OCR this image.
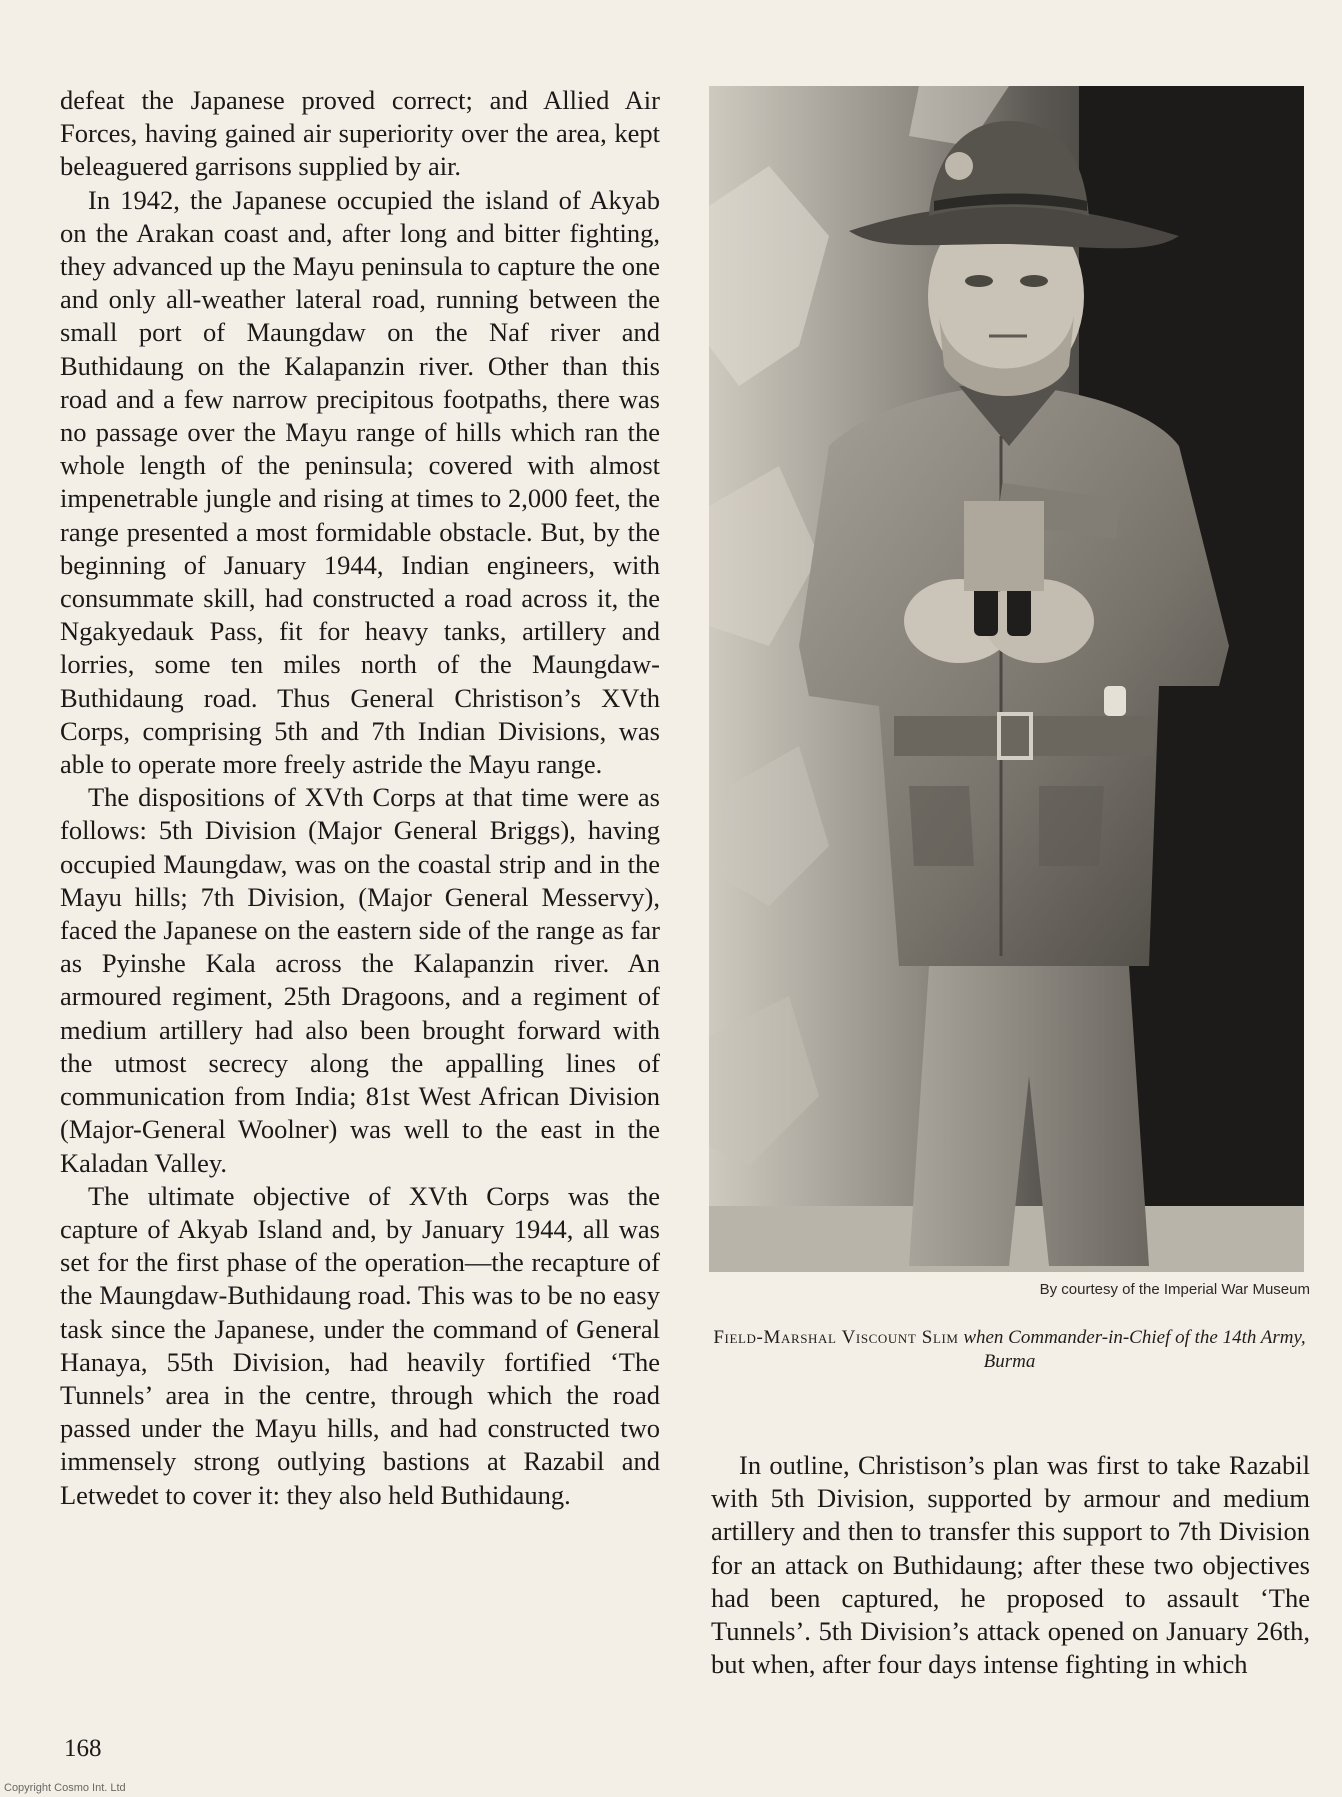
defeat the Japanese proved correct; and Allied Air Forces, having gained air superiority over the area, kept beleaguered garrisons supplied by air.

In 1942, the Japanese occupied the island of Akyab on the Arakan coast and, after long and bitter fighting, they advanced up the Mayu peninsula to capture the one and only all-weather lateral road, running between the small port of Maungdaw on the Naf river and Buthidaung on the Kalapanzin river. Other than this road and a few narrow precipitous footpaths, there was no passage over the Mayu range of hills which ran the whole length of the peninsula; covered with almost impenetrable jungle and rising at times to 2,000 feet, the range presented a most formidable obstacle. But, by the beginning of January 1944, Indian engineers, with consummate skill, had constructed a road across it, the Ngakyedauk Pass, fit for heavy tanks, artillery and lorries, some ten miles north of the Maungdaw-Buthidaung road. Thus General Christison’s XVth Corps, comprising 5th and 7th Indian Divisions, was able to operate more freely astride the Mayu range.

The dispositions of XVth Corps at that time were as follows: 5th Division (Major General Briggs), having occupied Maungdaw, was on the coastal strip and in the Mayu hills; 7th Division, (Major General Messervy), faced the Japanese on the eastern side of the range as far as Pyinshe Kala across the Kalapanzin river. An armoured regiment, 25th Dragoons, and a regiment of medium artillery had also been brought forward with the utmost secrecy along the appalling lines of communication from India; 81st West African Division (Major-General Woolner) was well to the east in the Kaladan Valley.

The ultimate objective of XVth Corps was the capture of Akyab Island and, by January 1944, all was set for the first phase of the operation—the recapture of the Maungdaw-Buthidaung road. This was to be no easy task since the Japanese, under the command of General Hanaya, 55th Division, had heavily fortified ‘The Tunnels’ area in the centre, through which the road passed under the Mayu hills, and had constructed two immensely strong outlying bastions at Razabil and Letwedet to cover it: they also held Buthidaung.

By courtesy of the Imperial War Museum
Field-Marshal Viscount Slim when Commander-in-Chief of the 14th Army, Burma

In outline, Christison’s plan was first to take Razabil with 5th Division, supported by armour and medium artillery and then to transfer this support to 7th Division for an attack on Buthidaung; after these two objectives had been captured, he proposed to assault ‘The Tunnels’. 5th Division’s attack opened on January 26th, but when, after four days intense fighting in which

168
Copyright Cosmo Int. Ltd
